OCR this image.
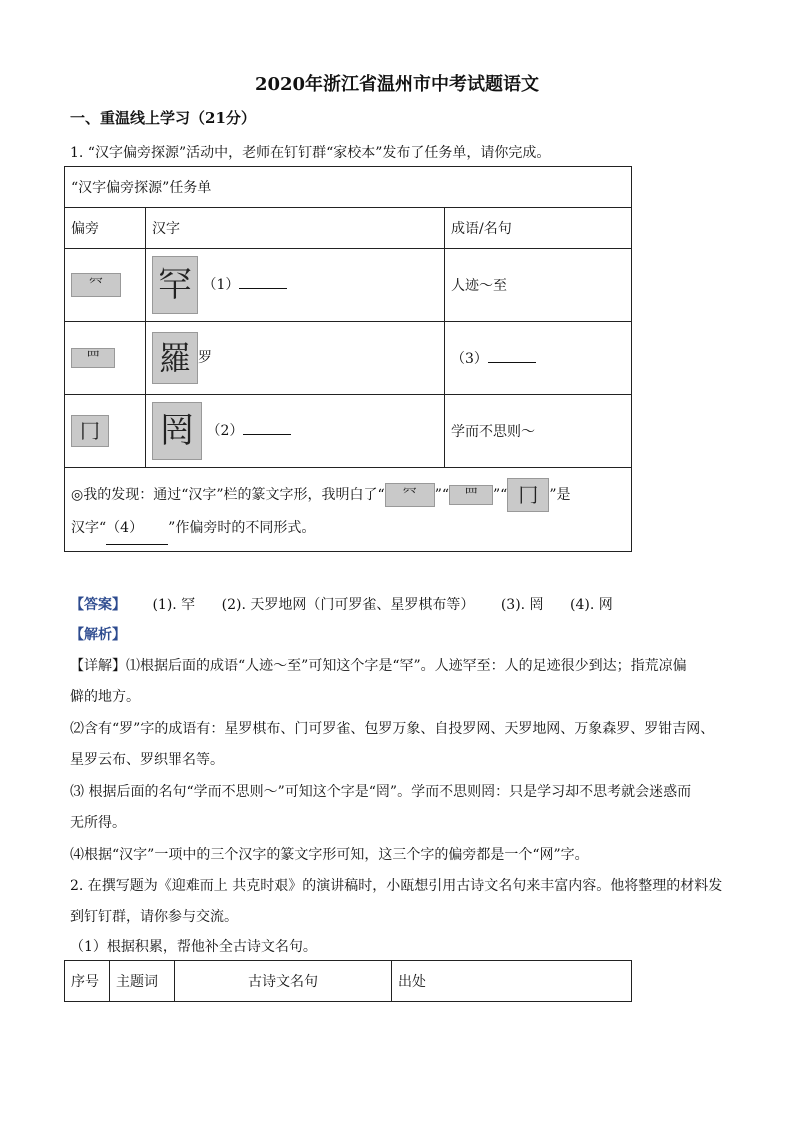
2020年浙江省温州市中考试题语文
一、重温线上学习（21分）
1. “汉字偏旁探源”活动中，老师在钉钉群“家校本”发布了任务单，请你完成。
“汉字偏旁探源”任务单		
偏旁	汉字	成语/名句
⺳	罕 （1）	人迹～至
罒	羅 罗	（3）
冂	罔 （2）	学而不思则～
◎我的发现：通过“汉字”栏的篆文字形，我明白了“ ⺳ ”“ 罒 ”“ 冂 ”是
汉字“（4） ”作偏旁时的不同形式。		
【答案】 (1). 罕 (2). 天罗地网（门可罗雀、星罗棋布等） (3). 罔 (4). 网
【解析】
【详解】⑴根据后面的成语“人迹～至”可知这个字是“罕”。人迹罕至：人的足迹很少到达；指荒凉偏
僻的地方。
⑵含有“罗”字的成语有：星罗棋布、门可罗雀、包罗万象、自投罗网、天罗地网、万象森罗、罗钳吉网、
星罗云布、罗织罪名等。
⑶ 根据后面的名句“学而不思则～”可知这个字是“罔”。学而不思则罔：只是学习却不思考就会迷惑而
无所得。
⑷根据“汉字”一项中的三个汉字的篆文字形可知，这三个字的偏旁都是一个“网”字。
2. 在撰写题为《迎难而上 共克时艰》的演讲稿时，小瓯想引用古诗文名句来丰富内容。他将整理的材料发
到钉钉群，请你参与交流。
（1）根据积累，帮他补全古诗文名句。
序号	主题词	古诗文名句	出处
